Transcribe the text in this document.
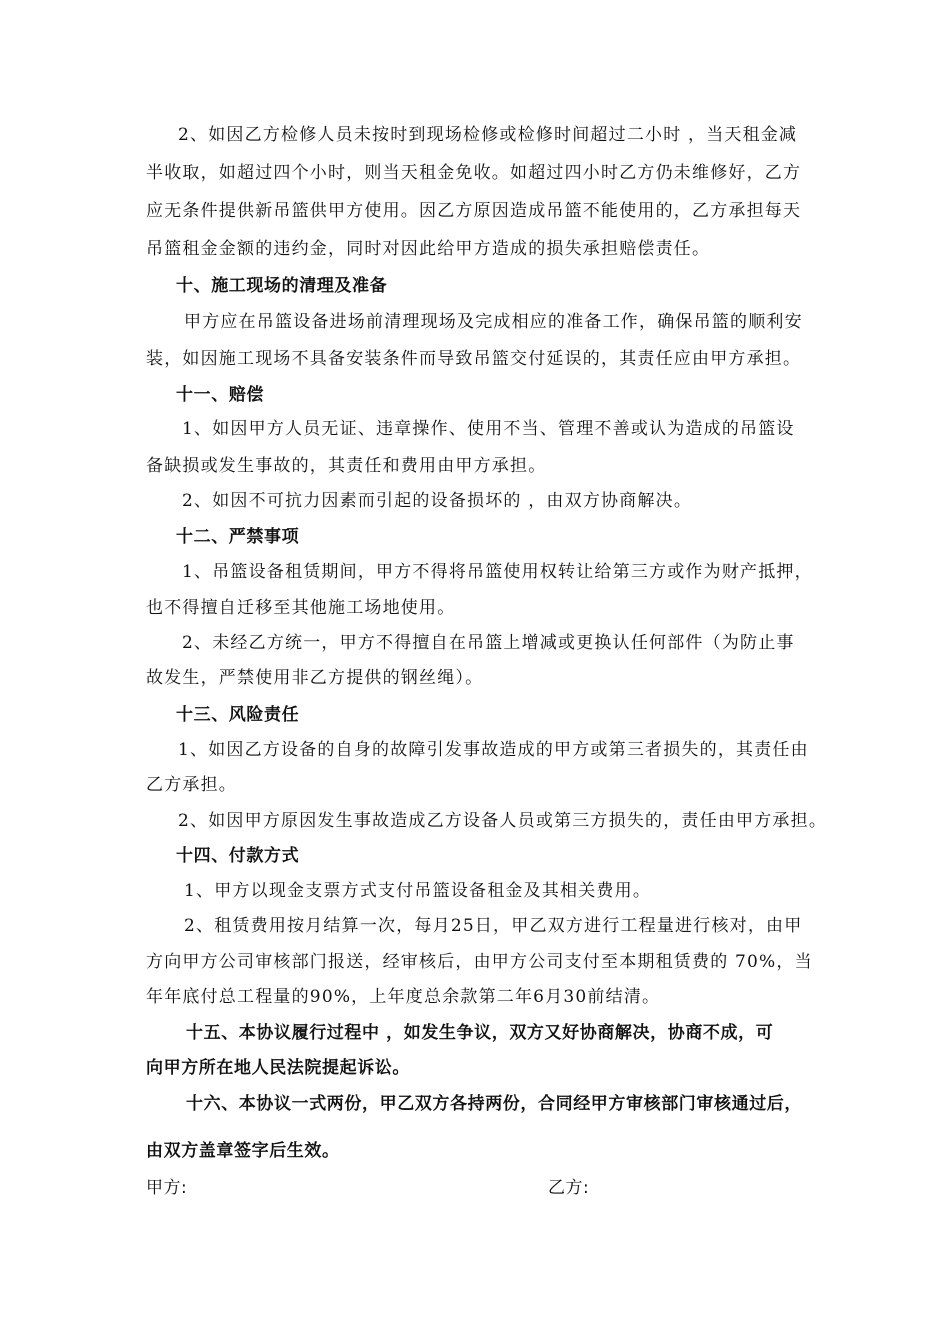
2、如因乙方检修人员未按时到现场检修或检修时间超过二小时 ，当天租金减
半收取，如超过四个小时，则当天租金免收。如超过四小时乙方仍未维修好，乙方
应无条件提供新吊篮供甲方使用。因乙方原因造成吊篮不能使用的，乙方承担每天
吊篮租金金额的违约金，同时对因此给甲方造成的损失承担赔偿责任。
十、施工现场的清理及准备
甲方应在吊篮设备进场前清理现场及完成相应的准备工作，确保吊篮的顺利安
装，如因施工现场不具备安装条件而导致吊篮交付延误的，其责任应由甲方承担。
十一、赔偿
1、如因甲方人员无证、违章操作、使用不当、管理不善或认为造成的吊篮设
备缺损或发生事故的，其责任和费用由甲方承担。
2、如因不可抗力因素而引起的设备损坏的 ，由双方协商解决。
十二、严禁事项
1、吊篮设备租赁期间，甲方不得将吊篮使用权转让给第三方或作为财产抵押，
也不得擅自迁移至其他施工场地使用。
2、未经乙方统一，甲方不得擅自在吊篮上增减或更换认任何部件（为防止事
故发生，严禁使用非乙方提供的钢丝绳）。
十三、风险责任
1、如因乙方设备的自身的故障引发事故造成的甲方或第三者损失的，其责任由
乙方承担。
2、如因甲方原因发生事故造成乙方设备人员或第三方损失的，责任由甲方承担。
十四、付款方式
1、甲方以现金支票方式支付吊篮设备租金及其相关费用。
2、租赁费用按月结算一次，每月25日，甲乙双方进行工程量进行核对，由甲
方向甲方公司审核部门报送，经审核后，由甲方公司支付至本期租赁费的 70%，当
年年底付总工程量的90%，上年度总余款第二年6月30前结清。
十五、本协议履行过程中 ，如发生争议，双方又好协商解决，协商不成，可
向甲方所在地人民法院提起诉讼。
十六、本协议一式两份，甲乙双方各持两份，合同经甲方审核部门审核通过后，
由双方盖章签字后生效。
甲方:	乙方:
